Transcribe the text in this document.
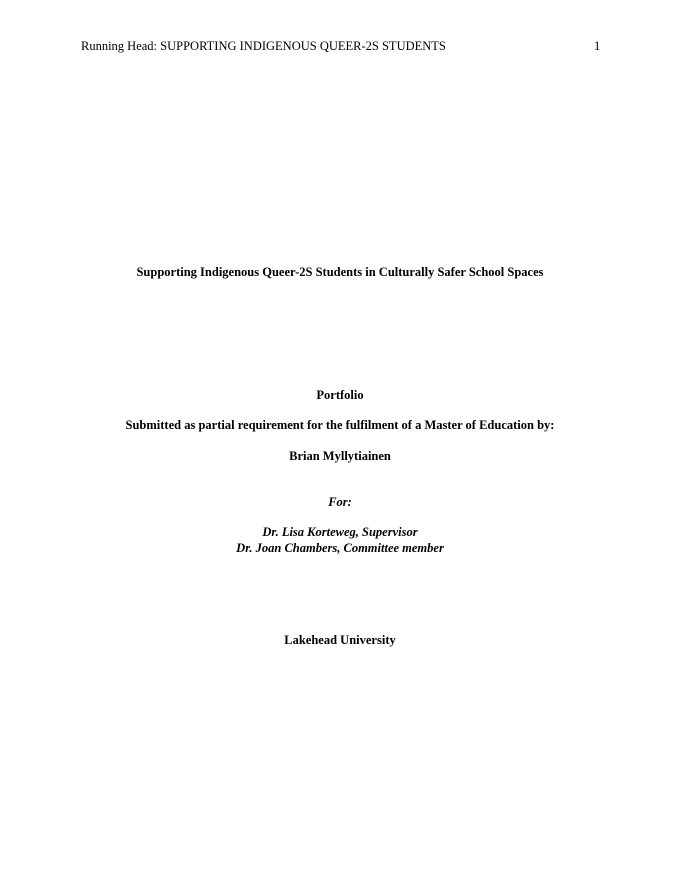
Running Head: SUPPORTING INDIGENOUS QUEER-2S STUDENTS	1
Supporting Indigenous Queer-2S Students in Culturally Safer School Spaces
Portfolio
Submitted as partial requirement for the fulfilment of a Master of Education by:
Brian Myllytiainen
For:
Dr. Lisa Korteweg, Supervisor
Dr. Joan Chambers, Committee member
Lakehead University
